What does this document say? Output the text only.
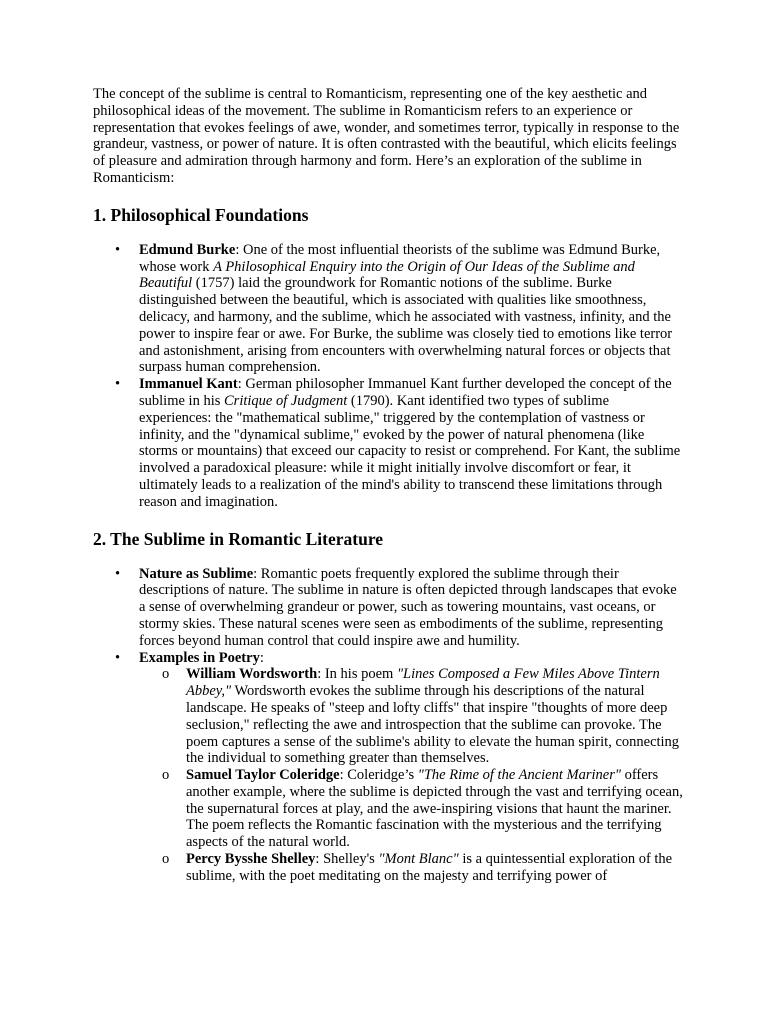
The concept of the sublime is central to Romanticism, representing one of the key aesthetic and philosophical ideas of the movement. The sublime in Romanticism refers to an experience or representation that evokes feelings of awe, wonder, and sometimes terror, typically in response to the grandeur, vastness, or power of nature. It is often contrasted with the beautiful, which elicits feelings of pleasure and admiration through harmony and form. Here’s an exploration of the sublime in Romanticism:

1. Philosophical Foundations
• Edmund Burke: One of the most influential theorists of the sublime was Edmund Burke, whose work A Philosophical Enquiry into the Origin of Our Ideas of the Sublime and Beautiful (1757) laid the groundwork for Romantic notions of the sublime. Burke distinguished between the beautiful, which is associated with qualities like smoothness, delicacy, and harmony, and the sublime, which he associated with vastness, infinity, and the power to inspire fear or awe. For Burke, the sublime was closely tied to emotions like terror and astonishment, arising from encounters with overwhelming natural forces or objects that surpass human comprehension.
• Immanuel Kant: German philosopher Immanuel Kant further developed the concept of the sublime in his Critique of Judgment (1790). Kant identified two types of sublime experiences: the "mathematical sublime," triggered by the contemplation of vastness or infinity, and the "dynamical sublime," evoked by the power of natural phenomena (like storms or mountains) that exceed our capacity to resist or comprehend. For Kant, the sublime involved a paradoxical pleasure: while it might initially involve discomfort or fear, it ultimately leads to a realization of the mind's ability to transcend these limitations through reason and imagination.
2. The Sublime in Romantic Literature
• Nature as Sublime: Romantic poets frequently explored the sublime through their descriptions of nature. The sublime in nature is often depicted through landscapes that evoke a sense of overwhelming grandeur or power, such as towering mountains, vast oceans, or stormy skies. These natural scenes were seen as embodiments of the sublime, representing forces beyond human control that could inspire awe and humility.
• Examples in Poetry:
o William Wordsworth: In his poem "Lines Composed a Few Miles Above Tintern Abbey," Wordsworth evokes the sublime through his descriptions of the natural landscape. He speaks of "steep and lofty cliffs" that inspire "thoughts of more deep seclusion," reflecting the awe and introspection that the sublime can provoke. The poem captures a sense of the sublime's ability to elevate the human spirit, connecting the individual to something greater than themselves.
o Samuel Taylor Coleridge: Coleridge’s "The Rime of the Ancient Mariner" offers another example, where the sublime is depicted through the vast and terrifying ocean, the supernatural forces at play, and the awe-inspiring visions that haunt the mariner. The poem reflects the Romantic fascination with the mysterious and the terrifying aspects of the natural world.
o Percy Bysshe Shelley: Shelley's "Mont Blanc" is a quintessential exploration of the sublime, with the poet meditating on the majesty and terrifying power of
